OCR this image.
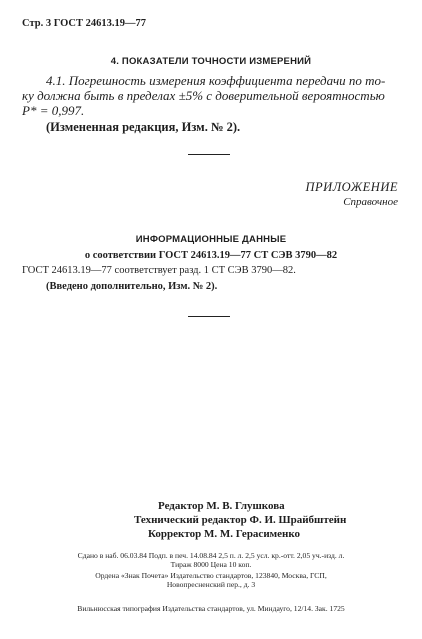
Стр. 3 ГОСТ 24613.19—77
4. ПОКАЗАТЕЛИ ТОЧНОСТИ ИЗМЕРЕНИЙ
4.1. Погрешность измерения коэффициента передачи по то-
ку должна быть в пределах ±5% с доверительной вероятностью
P* = 0,997.
(Измененная редакция, Изм. № 2).
ПРИЛОЖЕНИЕ
Справочное
ИНФОРМАЦИОННЫЕ ДАННЫЕ
о соответствии ГОСТ 24613.19—77 СТ СЭВ 3790—82
ГОСТ 24613.19—77 соответствует разд. 1 СТ СЭВ 3790—82.
(Введено дополнительно, Изм. № 2).
Редактор М. В. Глушкова
Технический редактор Ф. И. Шрайбштейн
Корректор М. М. Герасименко
Сдано в наб. 06.03.84 Подп. в печ. 14.08.84 2,5 п. л. 2,5 усл. кр.-отт. 2,05 уч.-изд. л.
Тираж 8000 Цена 10 коп.
Ордена «Знак Почета» Издательство стандартов, 123840, Москва, ГСП,
Новопресненский пер., д. 3
Вильнюсская типография Издательства стандартов, ул. Миндауго, 12/14. Зак. 1725
